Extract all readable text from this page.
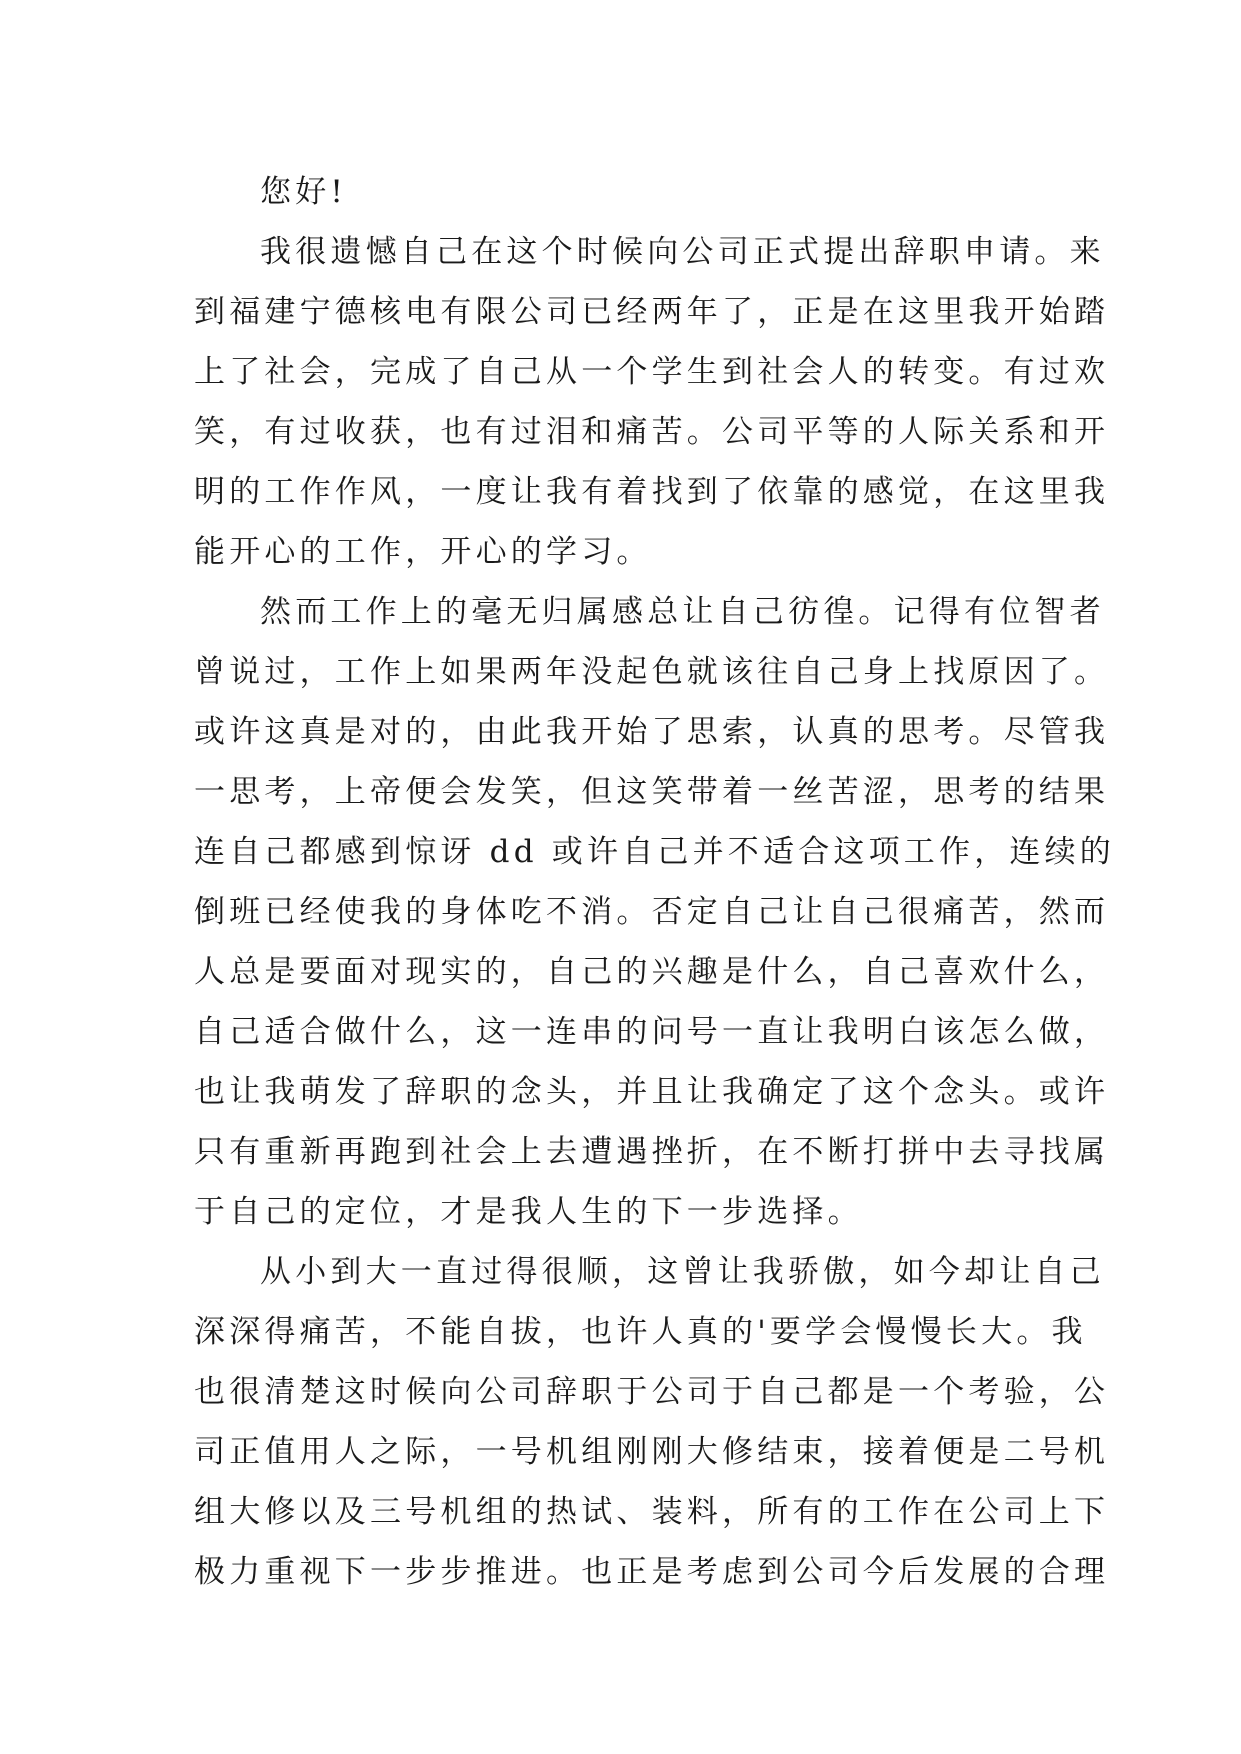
您好!
我很遗憾自己在这个时候向公司正式提出辞职申请。来
到福建宁德核电有限公司已经两年了，正是在这里我开始踏
上了社会，完成了自己从一个学生到社会人的转变。有过欢
笑，有过收获，也有过泪和痛苦。公司平等的人际关系和开
明的工作作风，一度让我有着找到了依靠的感觉，在这里我
能开心的工作，开心的学习。
然而工作上的毫无归属感总让自己彷徨。记得有位智者
曾说过，工作上如果两年没起色就该往自己身上找原因了。
或许这真是对的，由此我开始了思索，认真的思考。尽管我
一思考，上帝便会发笑，但这笑带着一丝苦涩，思考的结果
连自己都感到惊讶 dd 或许自己并不适合这项工作，连续的
倒班已经使我的身体吃不消。否定自己让自己很痛苦，然而
人总是要面对现实的，自己的兴趣是什么，自己喜欢什么，
自己适合做什么，这一连串的问号一直让我明白该怎么做，
也让我萌发了辞职的念头，并且让我确定了这个念头。或许
只有重新再跑到社会上去遭遇挫折，在不断打拼中去寻找属
于自己的定位，才是我人生的下一步选择。
从小到大一直过得很顺，这曾让我骄傲，如今却让自己
深深得痛苦，不能自拔，也许人真的'要学会慢慢长大。我
也很清楚这时候向公司辞职于公司于自己都是一个考验，公
司正值用人之际，一号机组刚刚大修结束，接着便是二号机
组大修以及三号机组的热试、装料，所有的工作在公司上下
极力重视下一步步推进。也正是考虑到公司今后发展的合理
